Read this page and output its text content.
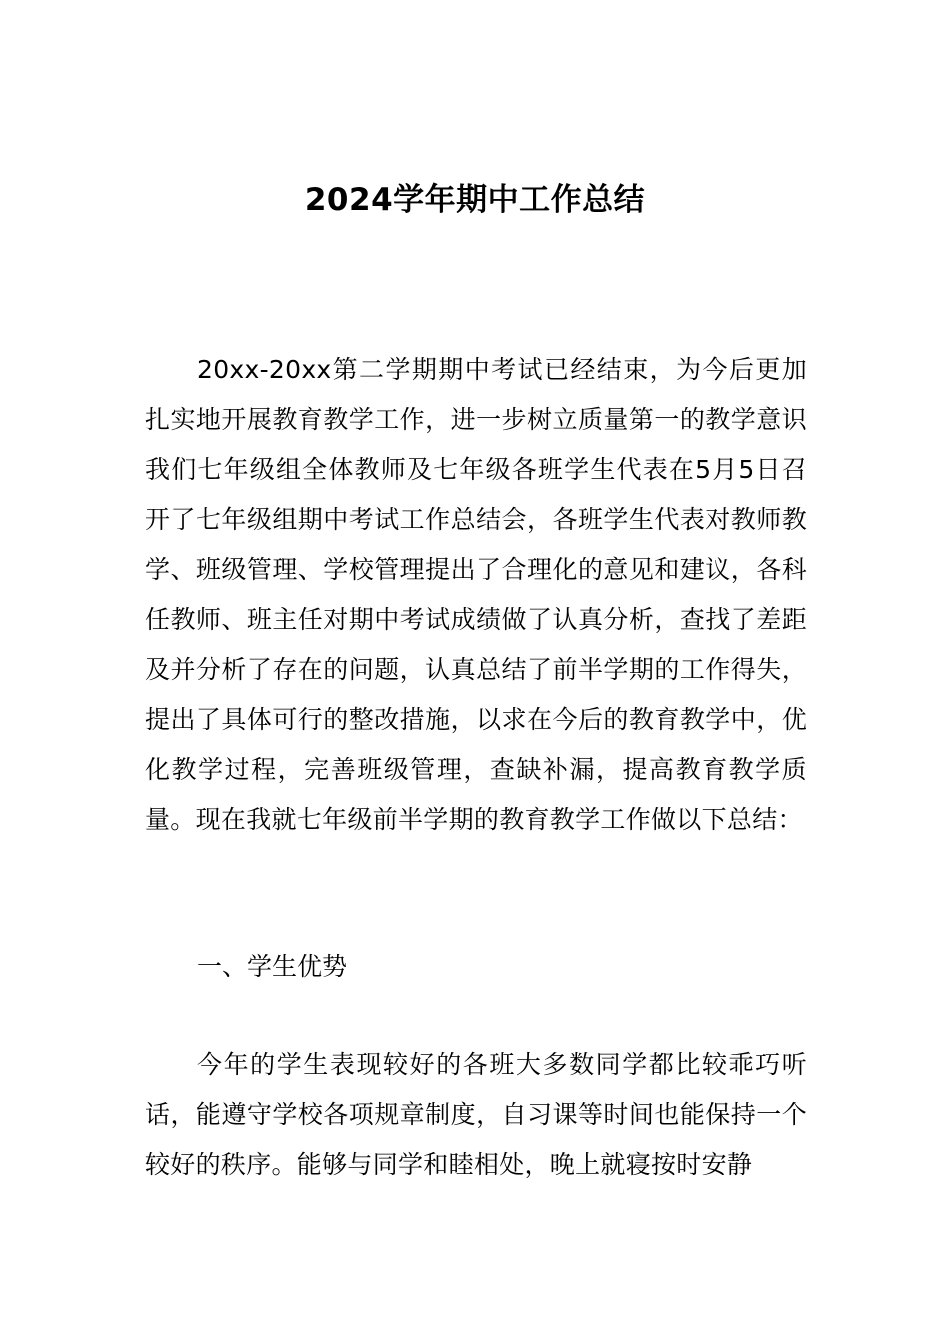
2024学年期中工作总结

20xx-20xx第二学期期中考试已经结束，为今后更加扎实地开展教育教学工作，进一步树立质量第一的教学意识我们七年级组全体教师及七年级各班学生代表在5月5日召开了七年级组期中考试工作总结会，各班学生代表对教师教学、班级管理、学校管理提出了合理化的意见和建议，各科任教师、班主任对期中考试成绩做了认真分析，查找了差距及并分析了存在的问题，认真总结了前半学期的工作得失，提出了具体可行的整改措施，以求在今后的教育教学中，优化教学过程，完善班级管理，查缺补漏，提高教育教学质量。现在我就七年级前半学期的教育教学工作做以下总结：

一、学生优势

今年的学生表现较好的各班大多数同学都比较乖巧听话，能遵守学校各项规章制度，自习课等时间也能保持一个较好的秩序。能够与同学和睦相处，晚上就寝按时安静
